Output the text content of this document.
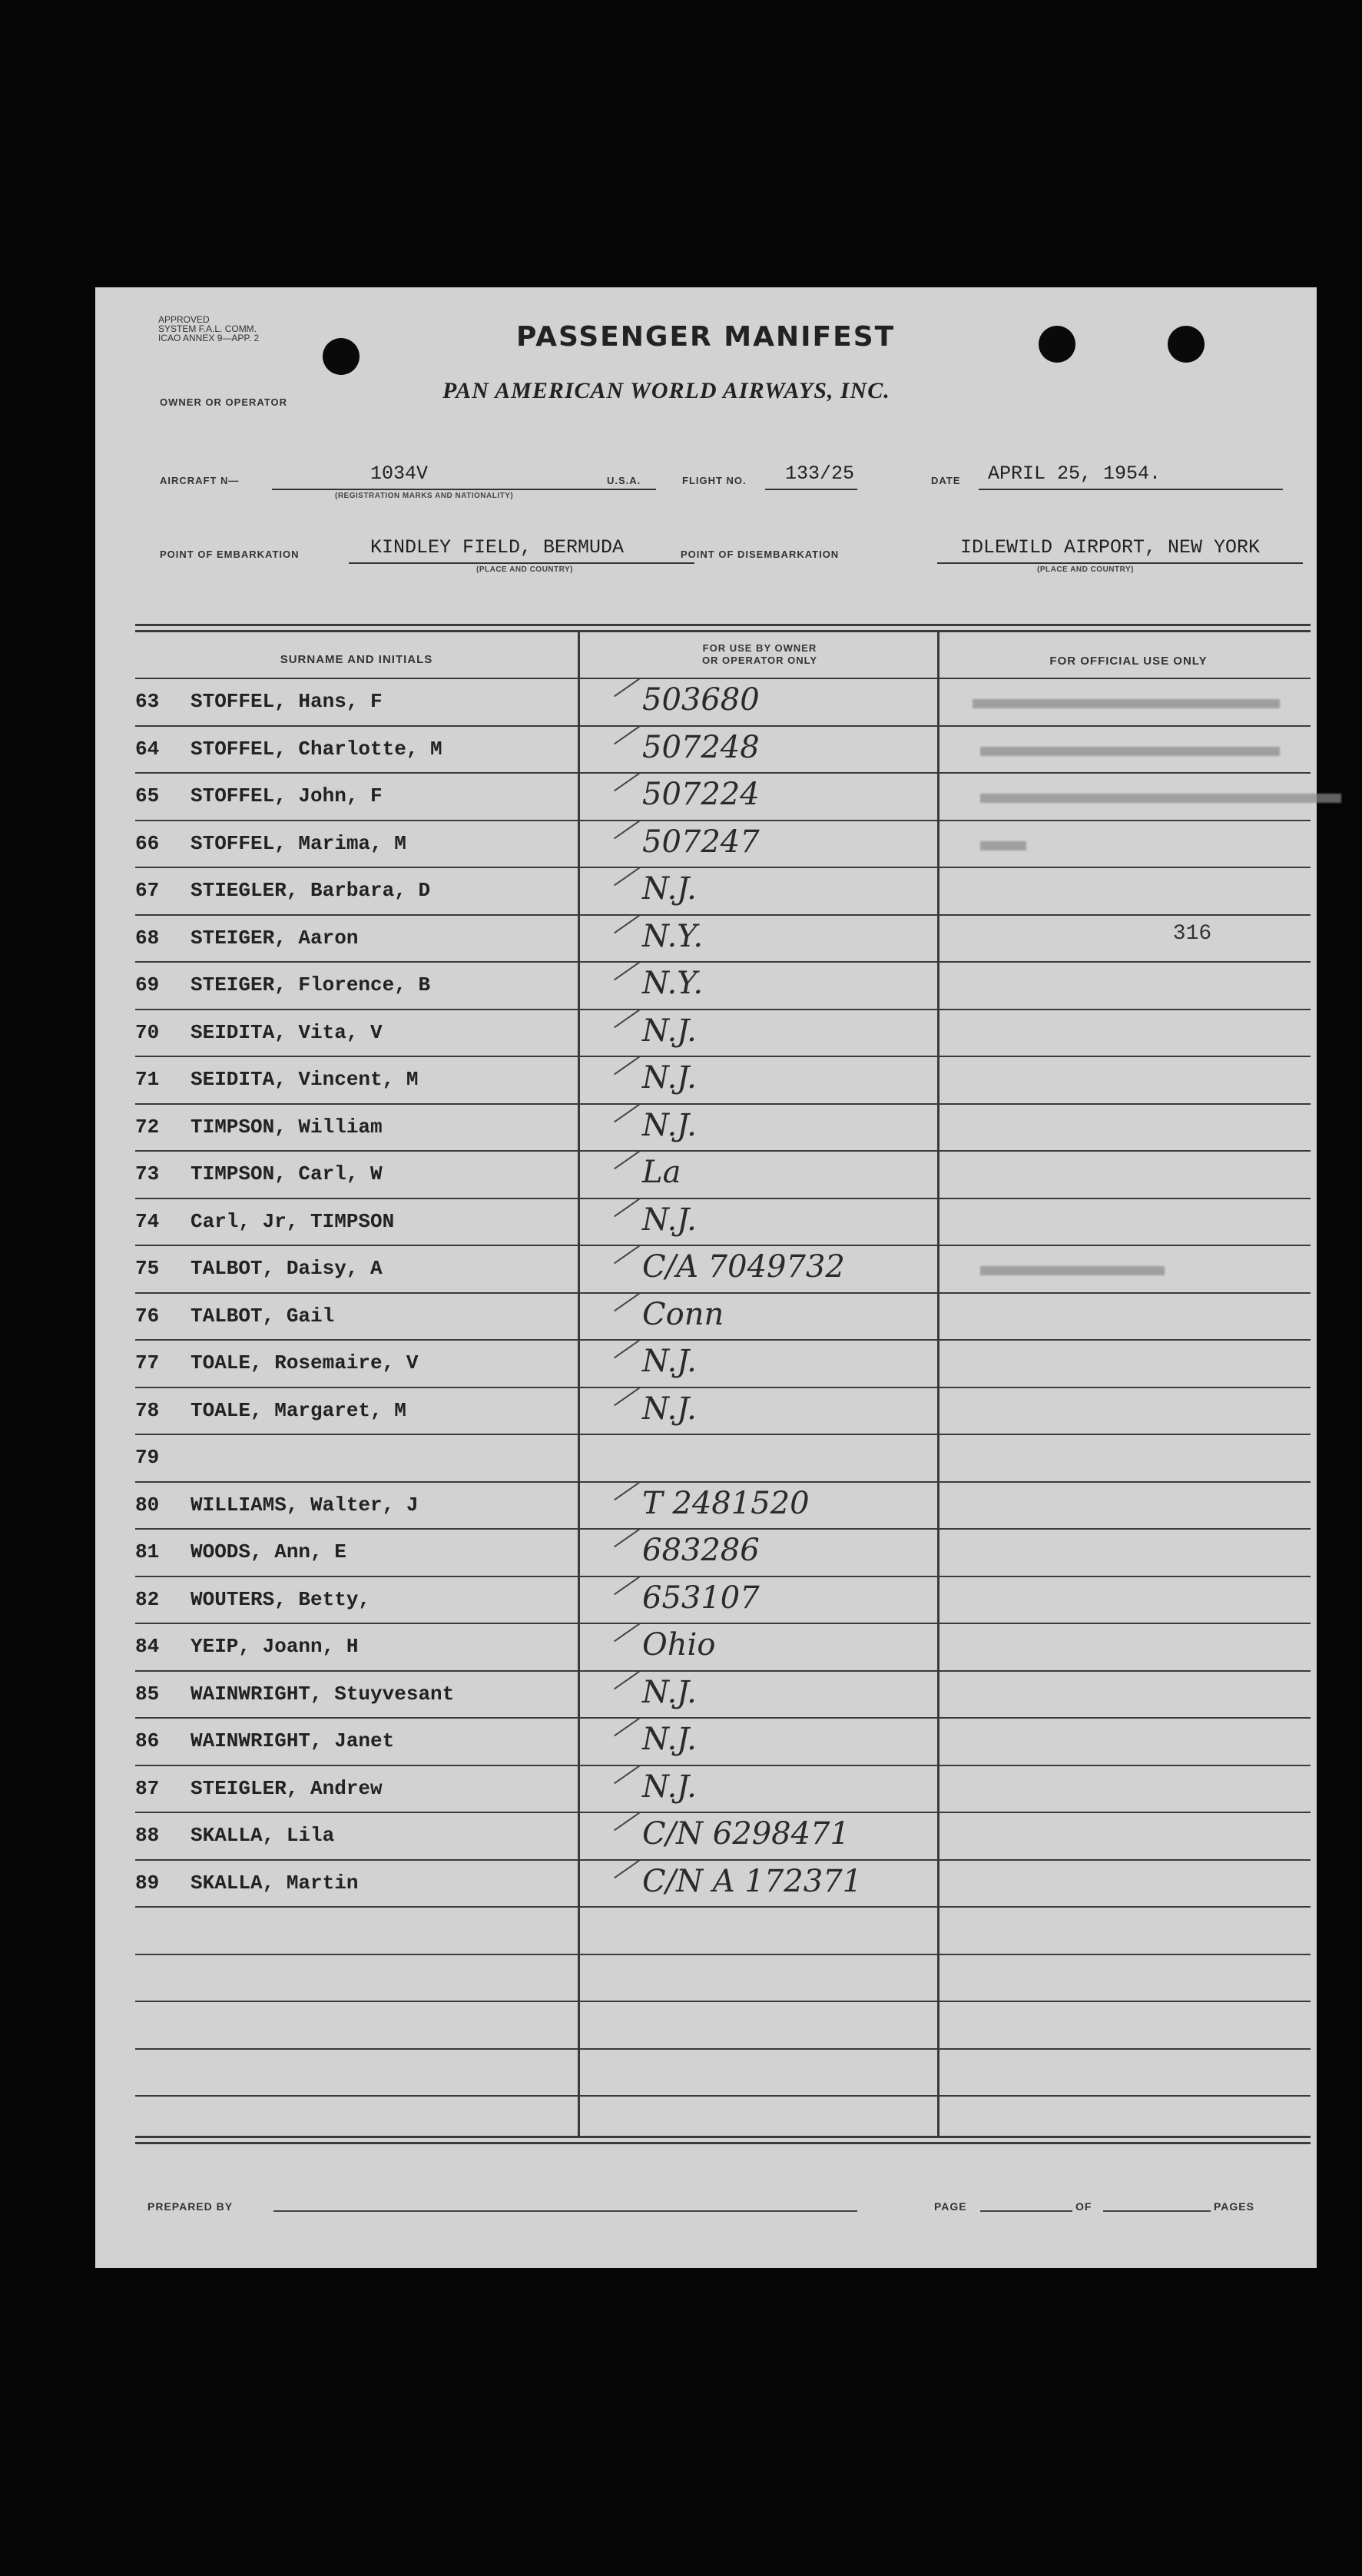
APPROVED
SYSTEM F.A.L. COMM.
ICAO ANNEX 9—APP. 2	PASSENGER MANIFEST
OWNER OR OPERATOR	PAN AMERICAN WORLD AIRWAYS, INC.
AIRCRAFT N—	1034V
(REGISTRATION MARKS AND NATIONALITY)
U.S.A.	FLIGHT NO. 133/25	DATE APRIL 25, 1954.
POINT OF EMBARKATION	KINDLEY FIELD, BERMUDA
(PLACE AND COUNTRY)
POINT OF DISEMBARKATION	IDLEWILD AIRPORT, NEW YORK
(PLACE AND COUNTRY)
SURNAME AND INITIALS
FOR USE BY OWNER
OR OPERATOR ONLY	FOR OFFICIAL USE ONLY
63	STOFFEL, Hans, F	503680
64	STOFFEL, Charlotte, M	507248
65	STOFFEL, John, F	507224
66	STOFFEL, Marima, M	507247
67	STIEGLER, Barbara, D	N.J.
68	STEIGER, Aaron	N.Y.	316
69	STEIGER, Florence, B	N.Y.
70	SEIDITA, Vita, V	N.J.
71	SEIDITA, Vincent, M	N.J.
72	TIMPSON, William	N.J.
73	TIMPSON, Carl, W	La
74	Carl, Jr, TIMPSON	N.J.
75	TALBOT, Daisy, A	C/A 7049732
76	TALBOT, Gail	Conn
77	TOALE, Rosemaire, V	N.J.
78	TOALE, Margaret, M	N.J.
79
80	WILLIAMS, Walter, J	T 2481520
81	WOODS, Ann, E	683286
82	WOUTERS, Betty,	653107
84	YEIP, Joann, H	Ohio
85	WAINWRIGHT, Stuyvesant	N.J.
86	WAINWRIGHT, Janet	N.J.
87	STEIGLER, Andrew	N.J.
88	SKALLA, Lila	C/N 6298471
89	SKALLA, Martin	C/N A 172371
PREPARED BY	PAGE	OF	PAGES
